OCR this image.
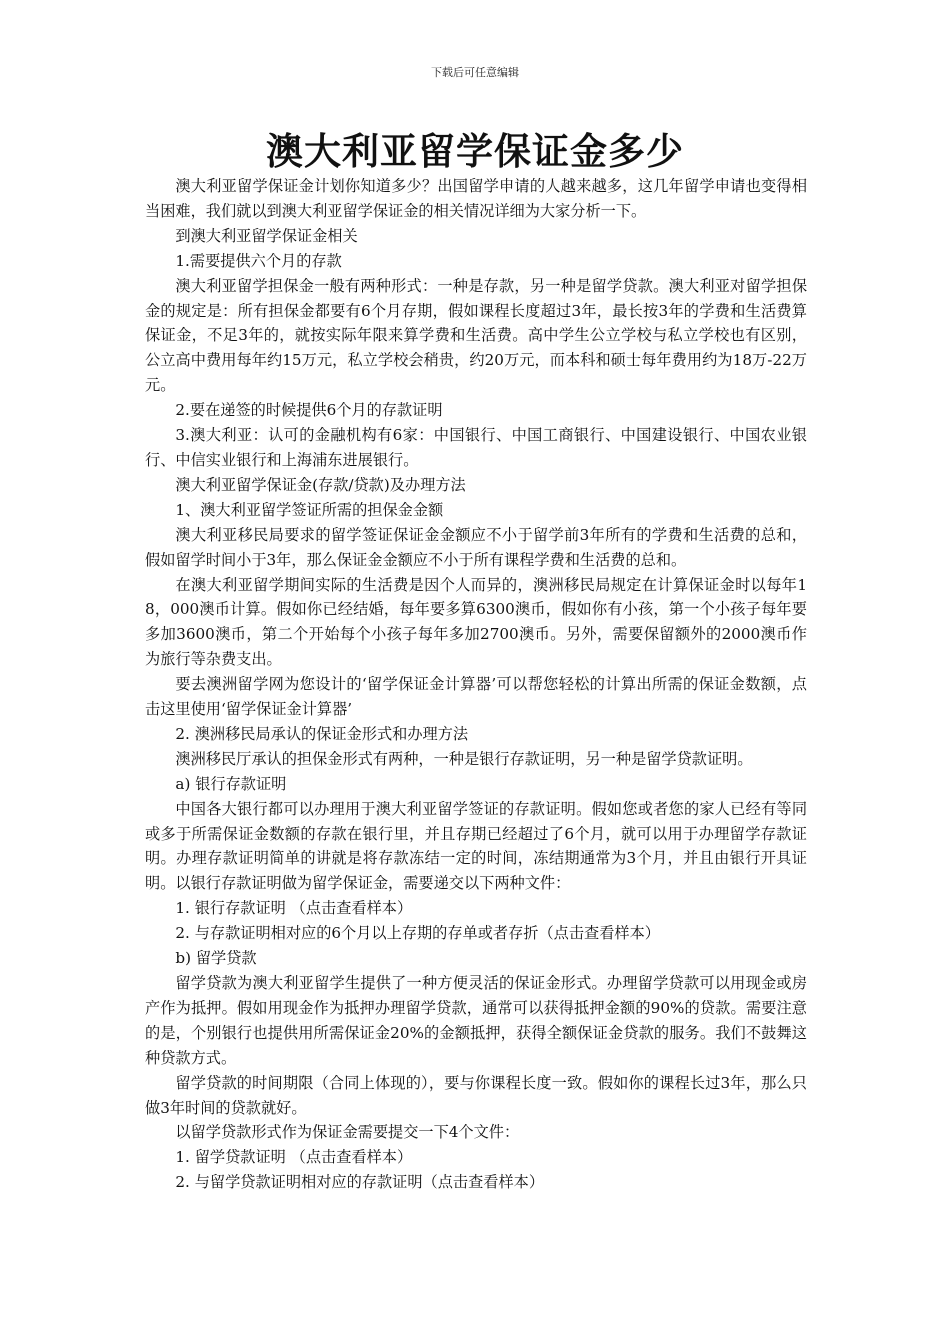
下载后可任意编辑
澳大利亚留学保证金多少

澳大利亚留学保证金计划你知道多少？出国留学申请的人越来越多，这几年留学申请也变得相当困难，我们就以到澳大利亚留学保证金的相关情况详细为大家分析一下。

到澳大利亚留学保证金相关

1.需要提供六个月的存款

澳大利亚留学担保金一般有两种形式：一种是存款，另一种是留学贷款。澳大利亚对留学担保金的规定是：所有担保金都要有6个月存期，假如课程长度超过3年，最长按3年的学费和生活费算保证金，不足3年的，就按实际年限来算学费和生活费。高中学生公立学校与私立学校也有区别，公立高中费用每年约15万元，私立学校会稍贵，约20万元，而本科和硕士每年费用约为18万-22万元。

2.要在递签的时候提供6个月的存款证明

3.澳大利亚：认可的金融机构有6家：中国银行、中国工商银行、中国建设银行、中国农业银行、中信实业银行和上海浦东进展银行。

澳大利亚留学保证金(存款/贷款)及办理方法

1、澳大利亚留学签证所需的担保金金额

澳大利亚移民局要求的留学签证保证金金额应不小于留学前3年所有的学费和生活费的总和，假如留学时间小于3年，那么保证金金额应不小于所有课程学费和生活费的总和。

在澳大利亚留学期间实际的生活费是因个人而异的，澳洲移民局规定在计算保证金时以每年18，000澳币计算。假如你已经结婚，每年要多算6300澳币，假如你有小孩，第一个小孩子每年要多加3600澳币，第二个开始每个小孩子每年多加2700澳币。另外，需要保留额外的2000澳币作为旅行等杂费支出。

要去澳洲留学网为您设计的‘留学保证金计算器’可以帮您轻松的计算出所需的保证金数额，点击这里使用‘留学保证金计算器’

2. 澳洲移民局承认的保证金形式和办理方法

澳洲移民厅承认的担保金形式有两种，一种是银行存款证明，另一种是留学贷款证明。

a) 银行存款证明

中国各大银行都可以办理用于澳大利亚留学签证的存款证明。假如您或者您的家人已经有等同或多于所需保证金数额的存款在银行里，并且存期已经超过了6个月，就可以用于办理留学存款证明。办理存款证明简单的讲就是将存款冻结一定的时间，冻结期通常为3个月，并且由银行开具证明。以银行存款证明做为留学保证金，需要递交以下两种文件：

1. 银行存款证明 （点击查看样本）

2. 与存款证明相对应的6个月以上存期的存单或者存折（点击查看样本）

b) 留学贷款

留学贷款为澳大利亚留学生提供了一种方便灵活的保证金形式。办理留学贷款可以用现金或房产作为抵押。假如用现金作为抵押办理留学贷款，通常可以获得抵押金额的90%的贷款。需要注意的是，个别银行也提供用所需保证金20%的金额抵押，获得全额保证金贷款的服务。我们不鼓舞这种贷款方式。

留学贷款的时间期限（合同上体现的），要与你课程长度一致。假如你的课程长过3年，那么只做3年时间的贷款就好。

以留学贷款形式作为保证金需要提交一下4个文件：

1. 留学贷款证明 （点击查看样本）

2. 与留学贷款证明相对应的存款证明（点击查看样本）
